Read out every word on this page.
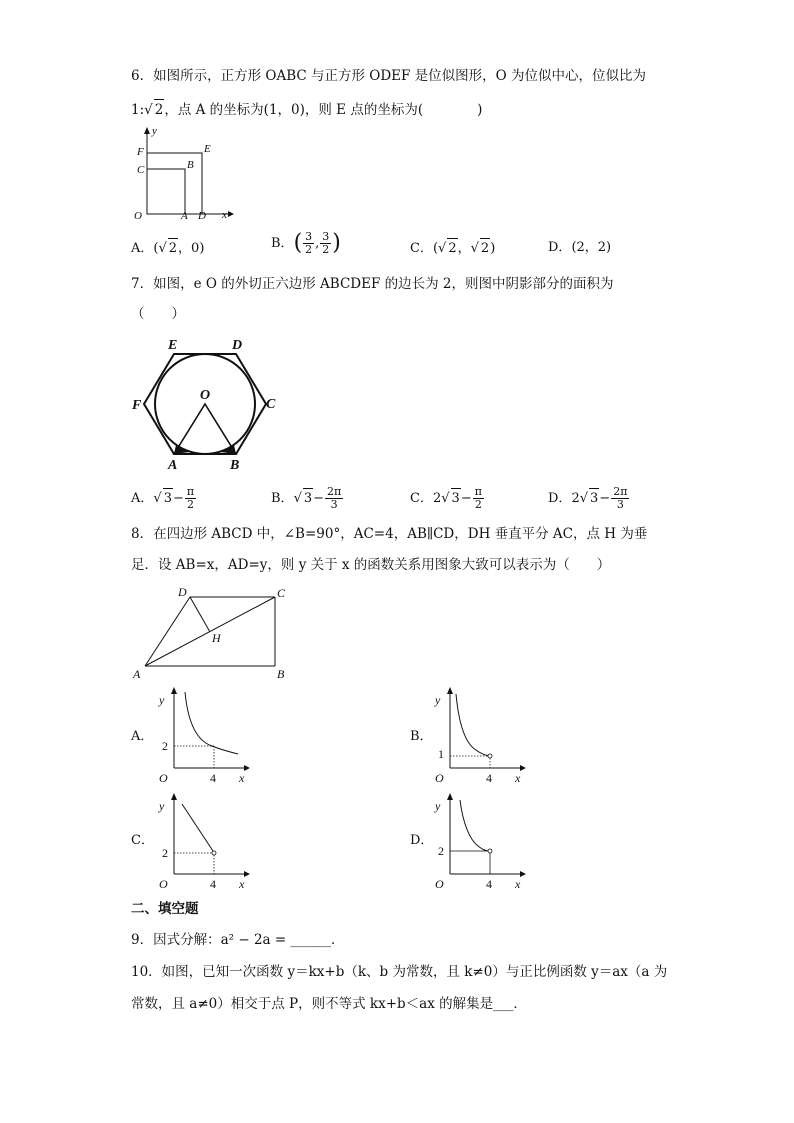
6．如图所示，正方形 OABC 与正方形 ODEF 是位似图形，O 为位似中心，位似比为
1:√ 2，点 A 的坐标为(1，0)，则 E 点的坐标为(　　　　)
y
F	E
C	B
O	A D x
A．(√ 2，0)	B．( $\frac{3}{2}$ , $\frac{3}{2}$ )	C．(√ 2，√ 2)	D．(2，2)
7．如图，e O 的外切正六边形 ABCDEF 的边长为 2，则图中阴影部分的面积为
（　　）
E	D
F	C
O
A	B
A．√ $3- \frac{\pi}{2}$	B．√ $3- \frac{2\pi}{3}$	C．2√ $3- \frac{\pi}{2}$	D．2√ $3- \frac{2\pi}{3}$
8．在四边形 ABCD 中，∠B=90°，AC=4，AB∥CD，DH 垂直平分 AC，点 H 为垂
足．设 AB=x，AD=y，则 y 关于 x 的函数关系用图象大致可以表示为（　　）
D	C
H
A	B
A．
y
2
O	4 x
B．
y
1
O	4 x
C．
y
2
O	4 x
D．
y
2
O	4 x
二、填空题
9．因式分解：a² − 2a = ______．
10．如图，已知一次函数 y＝kx+b（k、b 为常数，且 k≠0）与正比例函数 y＝ax（a 为
常数，且 a≠0）相交于点 P，则不等式 kx+b＜ax 的解集是___．
